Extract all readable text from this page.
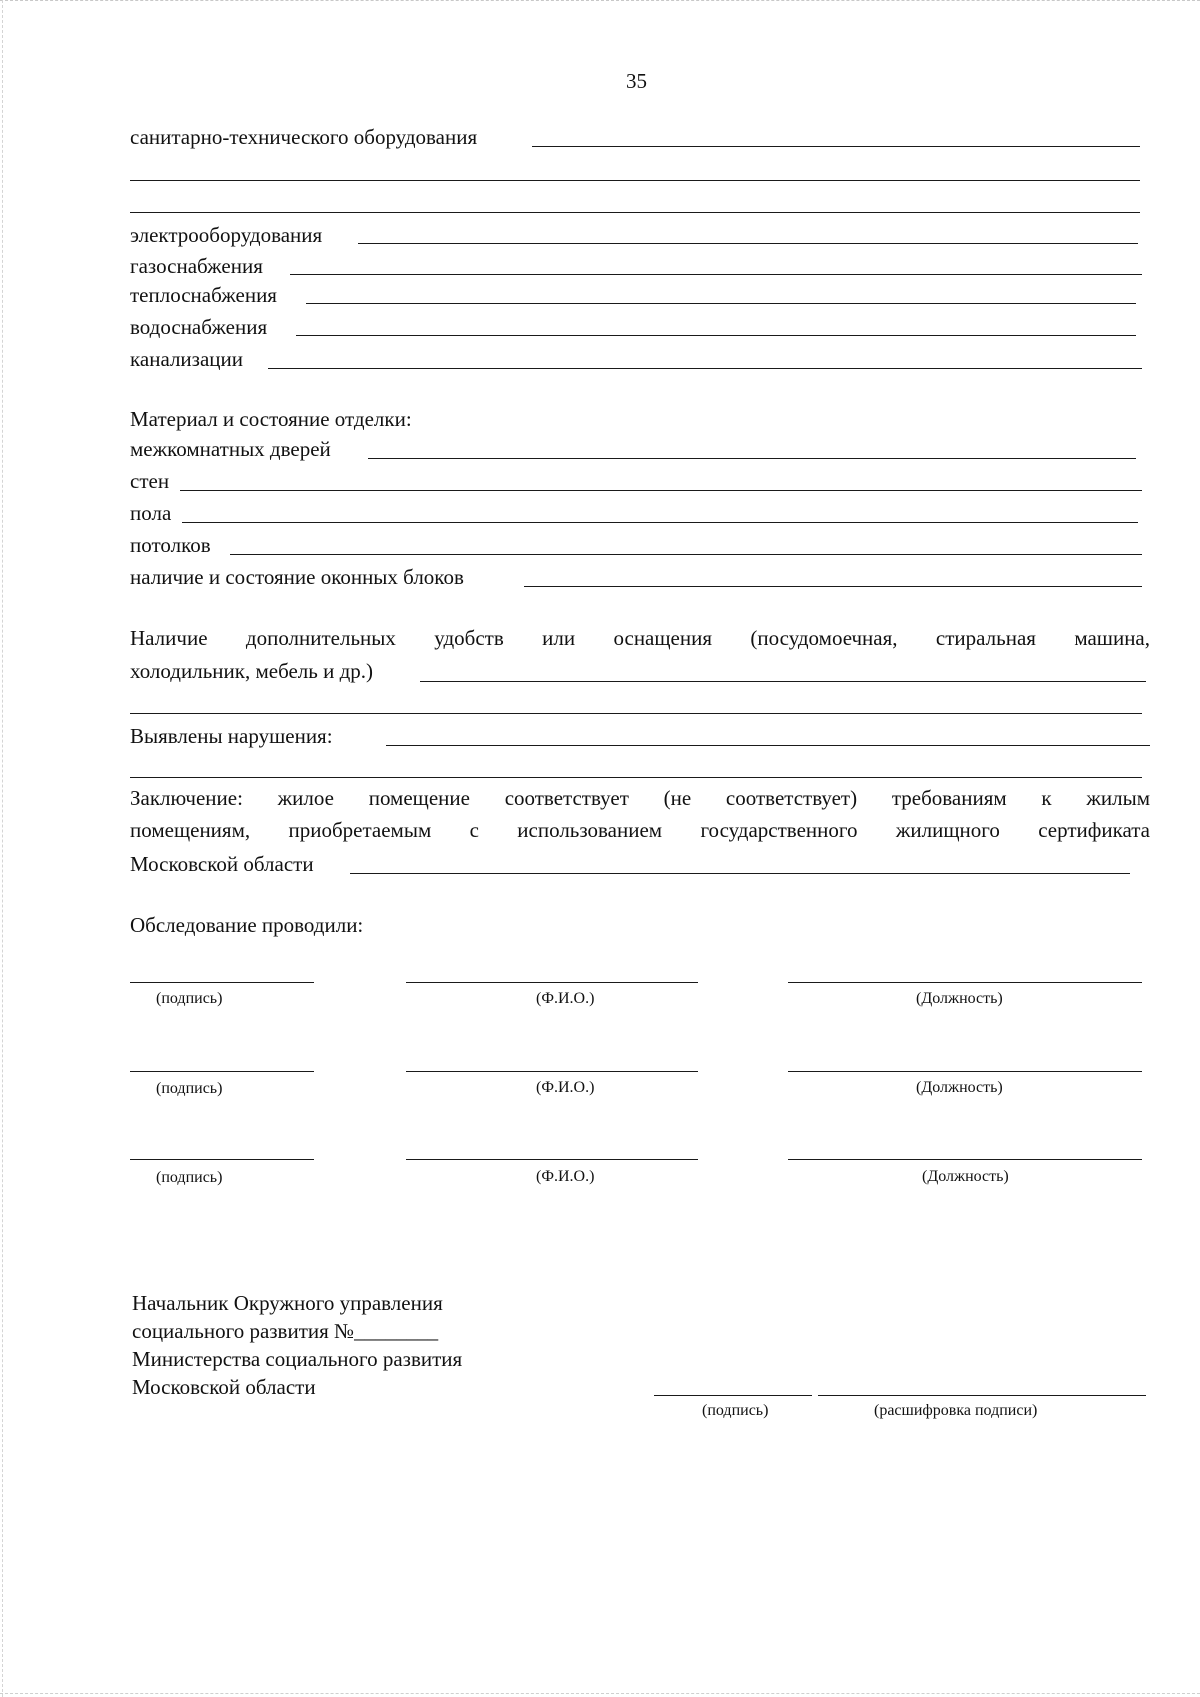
35
санитарно-технического оборудования
электрооборудования
газоснабжения
теплоснабжения
водоснабжения
канализации
Материал и состояние отделки:
межкомнатных дверей
стен
пола
потолков
наличие и состояние оконных блоков
Наличие дополнительных удобств или оснащения (посудомоечная, стиральная машина,
холодильник, мебель и др.)
Выявлены нарушения:
Заключение: жилое помещение соответствует (не соответствует) требованиям к жилым
помещениям, приобретаемым с использованием государственного жилищного сертификата
Московской области
Обследование проводили:
(подпись)	(Ф.И.О.)	(Должность)
(подпись)	(Ф.И.О.)	(Должность)
(подпись)	(Ф.И.О.)	(Должность)
Начальник Окружного управления
социального развития №________
Министерства социального развития
Московской области
(подпись)	(расшифровка подписи)
